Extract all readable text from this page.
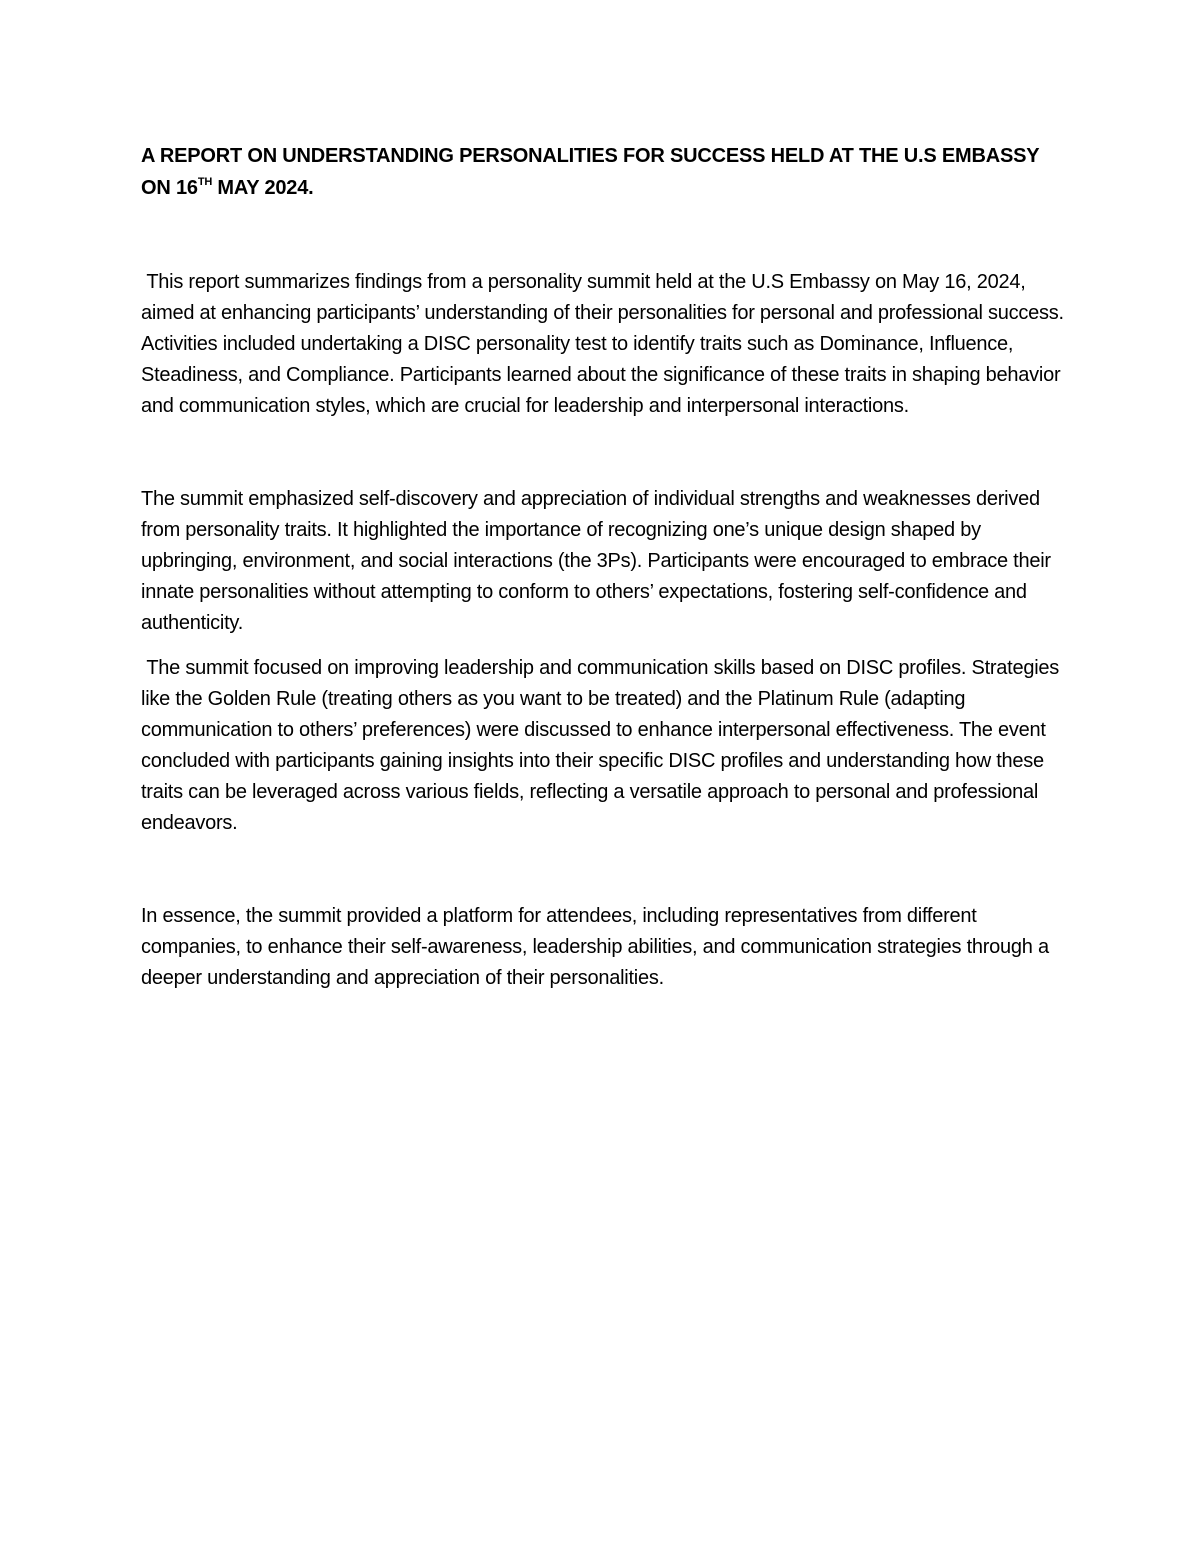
A REPORT ON UNDERSTANDING PERSONALITIES FOR SUCCESS HELD AT THE U.S EMBASSY ON 16TH MAY 2024.

This report summarizes findings from a personality summit held at the U.S Embassy on May 16, 2024, aimed at enhancing participants’ understanding of their personalities for personal and professional success. Activities included undertaking a DISC personality test to identify traits such as Dominance, Influence, Steadiness, and Compliance. Participants learned about the significance of these traits in shaping behavior and communication styles, which are crucial for leadership and interpersonal interactions.

The summit emphasized self-discovery and appreciation of individual strengths and weaknesses derived from personality traits. It highlighted the importance of recognizing one’s unique design shaped by upbringing, environment, and social interactions (the 3Ps). Participants were encouraged to embrace their innate personalities without attempting to conform to others’ expectations, fostering self-confidence and authenticity.

The summit focused on improving leadership and communication skills based on DISC profiles. Strategies like the Golden Rule (treating others as you want to be treated) and the Platinum Rule (adapting communication to others’ preferences) were discussed to enhance interpersonal effectiveness. The event concluded with participants gaining insights into their specific DISC profiles and understanding how these traits can be leveraged across various fields, reflecting a versatile approach to personal and professional endeavors.

In essence, the summit provided a platform for attendees, including representatives from different companies, to enhance their self-awareness, leadership abilities, and communication strategies through a deeper understanding and appreciation of their personalities.
